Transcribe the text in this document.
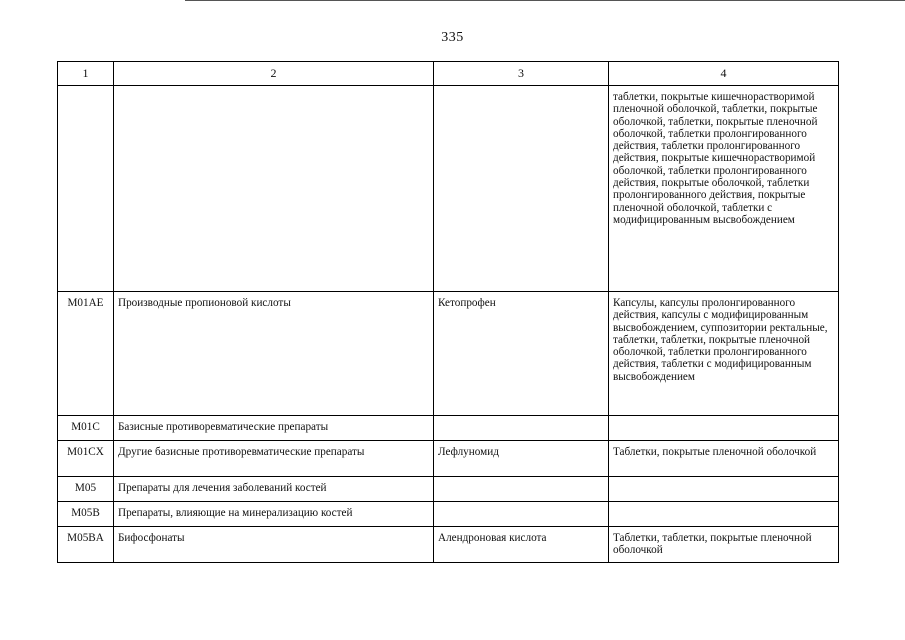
335
1	2	3	4
			таблетки, покрытые кишечнорастворимой пленочной оболочкой, таблетки, покрытые оболочкой, таблетки, покрытые пленочной оболочкой, таблетки пролонгированного действия, таблетки пролонгированного действия, покрытые кишечнорастворимой оболочкой, таблетки пролонгированного действия, покрытые оболочкой, таблетки пролонгированного действия, покрытые пленочной оболочкой, таблетки с модифицированным высвобождением
M01AE	Производные пропионовой кислоты	Кетопрофен	Капсулы, капсулы пролонгированного действия, капсулы с модифицированным высвобождением, суппозитории ректальные, таблетки, таблетки, покрытые пленочной оболочкой, таблетки пролонгированного действия, таблетки с модифицированным высвобождением
M01C	Базисные противоревматические препараты		
M01CX	Другие базисные противоревматические препараты	Лефлуномид	Таблетки, покрытые пленочной оболочкой
M05	Препараты для лечения заболеваний костей		
M05B	Препараты, влияющие на минерализацию костей		
M05BA	Бифосфонаты	Алендроновая кислота	Таблетки, таблетки, покрытые пленочной оболочкой
